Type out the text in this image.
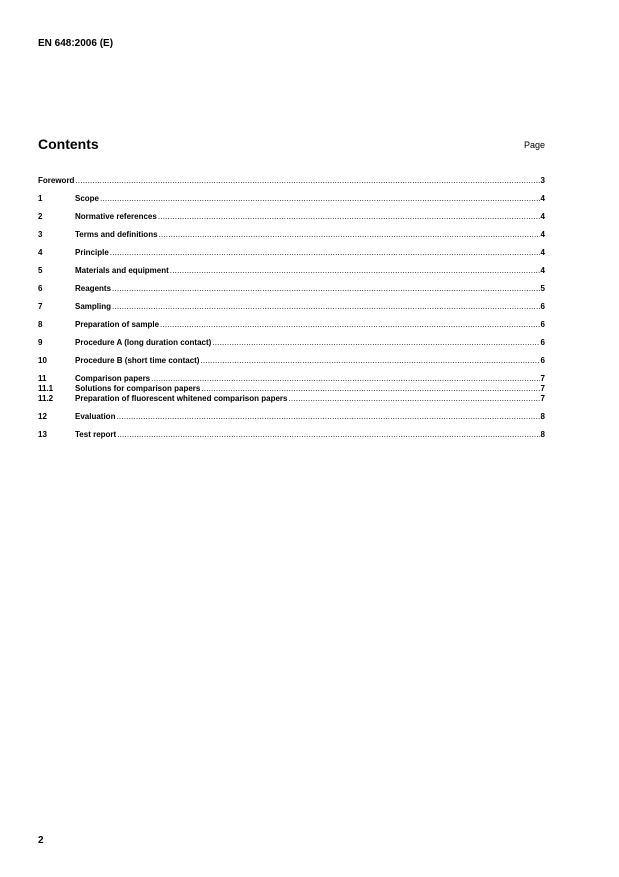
EN 648:2006 (E)
Contents	Page
Foreword .....	3
1	Scope .....	4
2	Normative references .....	4
3	Terms and definitions .....	4
4	Principle .....	4
5	Materials and equipment .....	4
6	Reagents .....	5
7	Sampling .....	6
8	Preparation of sample .....	6
9	Procedure A (long duration contact) .....	6
10	Procedure B (short time contact) .....	6
11	Comparison papers .....	7
11.1	Solutions for comparison papers .....	7
11.2	Preparation of fluorescent whitened comparison papers .....	7
12	Evaluation .....	8
13	Test report .....	8
2
